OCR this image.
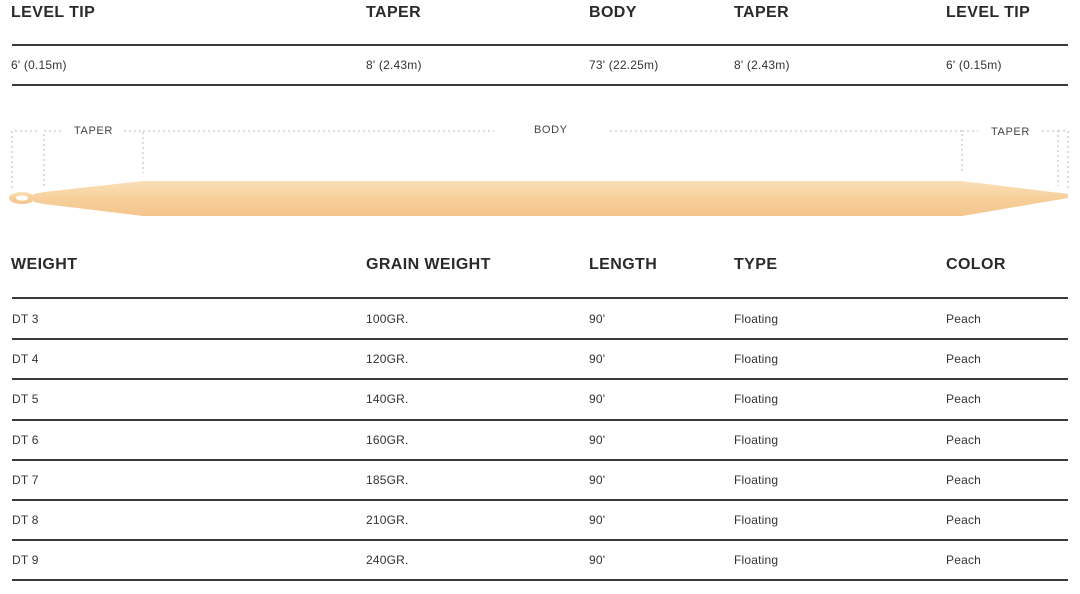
LEVEL TIP	TAPER	BODY	TAPER	LEVEL TIP
6' (0.15m)	8' (2.43m)	73' (22.25m)	8' (2.43m)	6' (0.15m)
TAPER	BODY	TAPER
WEIGHT	GRAIN WEIGHT	LENGTH	TYPE	COLOR
DT 3	100GR.	90'	Floating	Peach
DT 4	120GR.	90'	Floating	Peach
DT 5	140GR.	90'	Floating	Peach
DT 6	160GR.	90'	Floating	Peach
DT 7	185GR.	90'	Floating	Peach
DT 8	210GR.	90'	Floating	Peach
DT 9	240GR.	90'	Floating	Peach
